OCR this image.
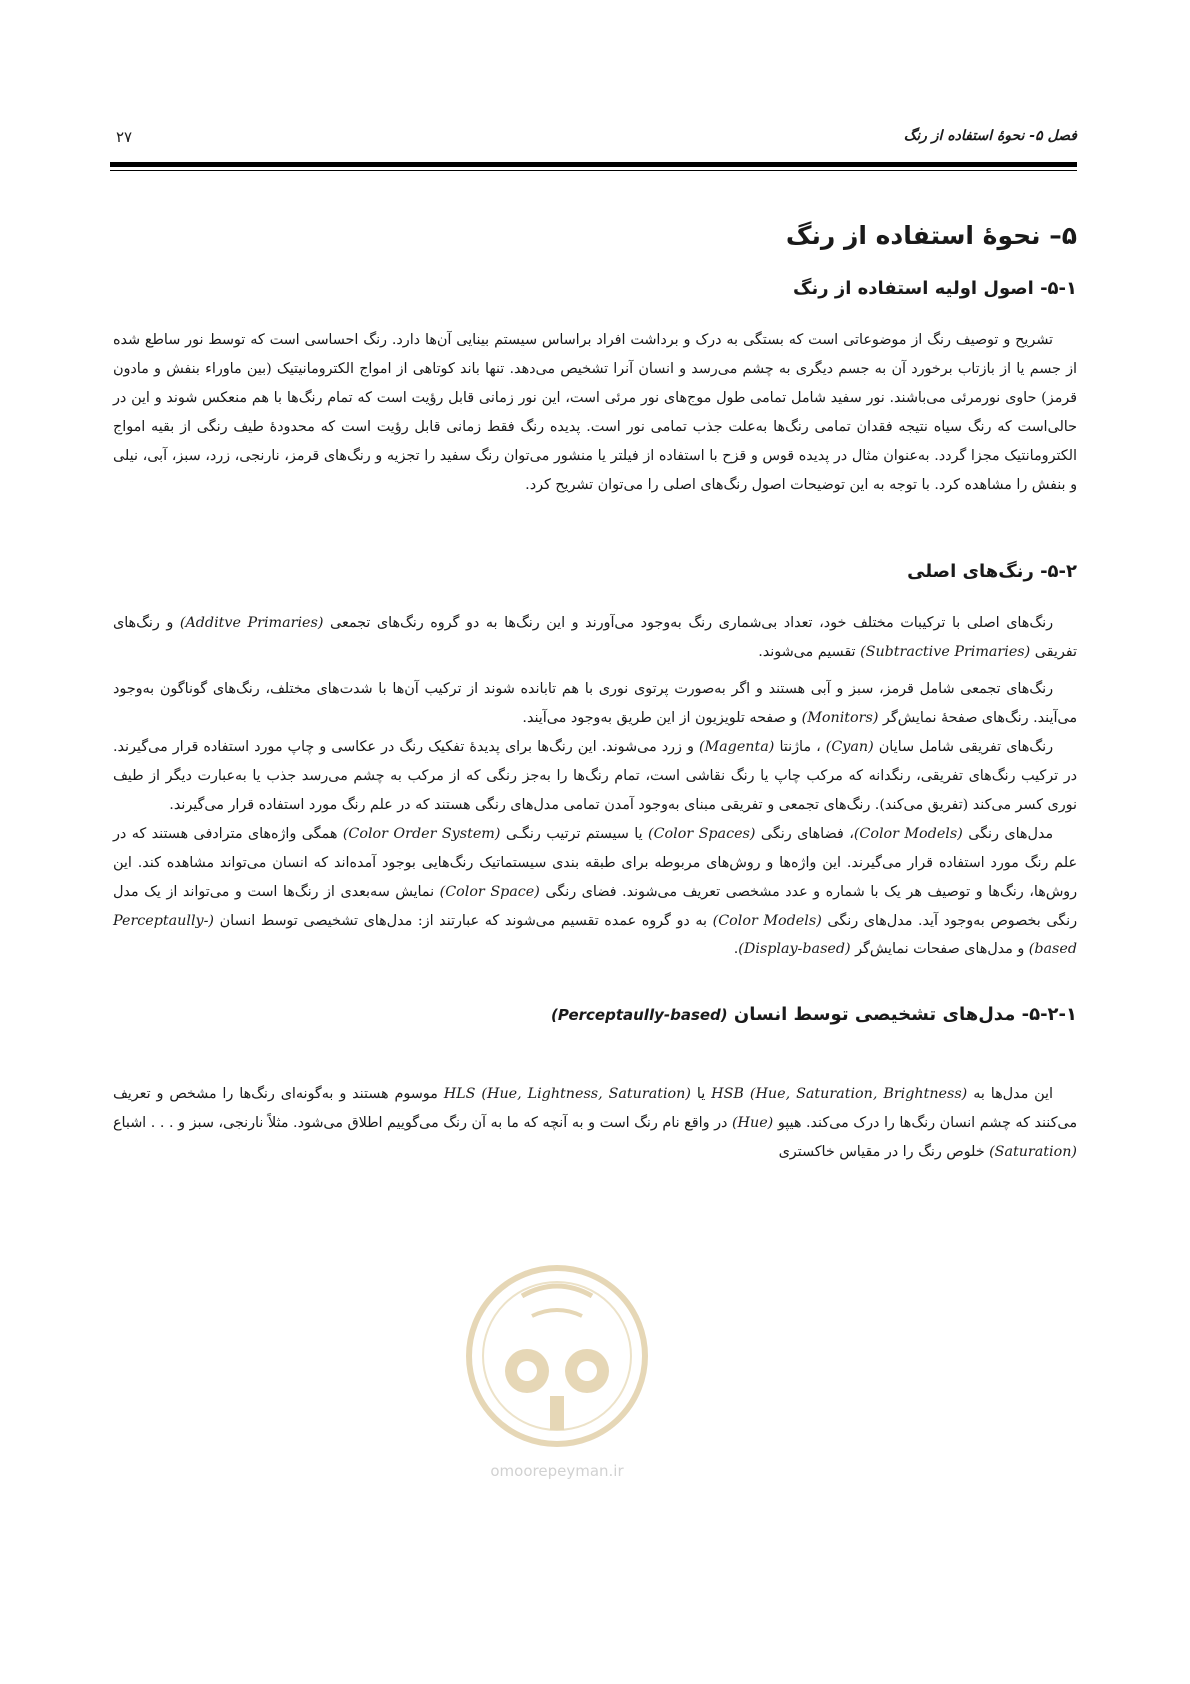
فصل ۵- نحوهٔ استفاده از رنگ
۲۷
۵– نحوهٔ استفاده از رنگ
۵-۱- اصول اولیه استفاده از رنگ

تشریح و توصیف رنگ از موضوعاتی است که بستگی به درک و برداشت افراد براساس سیستم بینایی آن‌ها دارد. رنگ احساسی است که توسط نور ساطع شده از جسم یا از بازتاب برخورد آن به جسم دیگری به چشم می‌رسد و انسان آنرا تشخیص می‌دهد. تنها باند کوتاهی از امواج الکترومانیتیک (بین ماوراء بنفش و مادون قرمز) حاوی نورمرئی می‌باشند. نور سفید شامل تمامی طول موج‌های نور مرئی است، این نور زمانی قابل رؤیت است که تمام رنگ‌ها با هم منعکس شوند و این در حالی‌است که رنگ سیاه نتیجه فقدان تمامی رنگ‌ها به‌علت جذب تمامی نور است. پدیده رنگ فقط زمانی قابل رؤیت است که محدودهٔ طیف رنگی از بقیه امواج الکترومانتیک مجزا گردد. به‌عنوان مثال در پدیده قوس و قزح با استفاده از فیلتر یا منشور می‌توان رنگ سفید را تجزیه و رنگ‌های قرمز، نارنجی، زرد، سبز، آبی، نیلی و بنفش را مشاهده کرد. با توجه به این توضیحات اصول رنگ‌های اصلی را می‌توان تشریح کرد.

۵-۲- رنگ‌های اصلی

رنگ‌های اصلی با ترکیبات مختلف خود، تعداد بی‌شماری رنگ به‌وجود می‌آورند و این رنگ‌ها به دو گروه رنگ‌های تجمعی (Additve Primaries) و رنگ‌های تفریقی (Subtractive Primaries) تقسیم می‌شوند.

رنگ‌های تجمعی شامل قرمز، سبز و آبی هستند و اگر به‌صورت پرتوی نوری با هم تابانده شوند از ترکیب آن‌ها با شدت‌های مختلف، رنگ‌های گوناگون به‌وجود می‌آیند. رنگ‌های صفحهٔ نمایش‌گر (Monitors) و صفحه تلویزیون از این طریق به‌وجود می‌آیند.

رنگ‌های تفریقی شامل سایان (Cyan) ، ماژنتا (Magenta) و زرد می‌شوند. این رنگ‌ها برای پدیدهٔ تفکیک رنگ در عکاسی و چاپ مورد استفاده قرار می‌گیرند. در ترکیب رنگ‌های تفریقی، رنگدانه که مرکب چاپ یا رنگ نقاشی است، تمام رنگ‌ها را به‌جز رنگی که از مرکب به چشم می‌رسد جذب یا به‌عبارت دیگر از طیف نوری کسر می‌کند (تفریق می‌کند). رنگ‌های تجمعی و تفریقی مبنای به‌وجود آمدن تمامی مدل‌های رنگی هستند که در علم رنگ مورد استفاده قرار می‌گیرند.

مدل‌های رنگی (Color Models)، فضاهای رنگی (Color Spaces) یا سیستم ترتیب رنگـی (Color Order System) همگی واژه‌های مترادفی هستند که در علم رنگ مورد استفاده قرار می‌گیرند. این واژه‌ها و روش‌های مربوطه برای طبقه بندی سیستماتیک رنگ‌هایی بوجود آمده‌اند که انسان می‌تواند مشاهده کند. این روش‌ها، رنگ‌ها و توصیف هر یک با شماره و عدد مشخصی تعریف می‌شوند. فضای رنگی (Color Space) نمایش سه‌بعدی از رنگ‌ها است و می‌تواند از یک مدل رنگی بخصوص به‌وجود آید. مدل‌های رنگی (Color Models) به دو گروه عمده تقسیم می‌شوند که عبارتند از: مدل‌های تشخیصی توسط انسان (Perceptaully-based) و مدل‌های صفحات نمایش‌گر (Display-based).

۵-۲-۱- مدل‌های تشخیصی توسط انسان (Perceptaully-based)

این مدل‌ها به HSB (Hue, Saturation, Brightness) یا HLS (Hue, Lightness, Saturation) موسوم هستند و به‌گونه‌ای رنگ‌ها را مشخص و تعریف می‌کنند که چشم انسان رنگ‌ها را درک می‌کند. هیپو (Hue) در واقع نام رنگ است و به آنچه که ما به آن رنگ می‌گوییم اطلاق می‌شود. مثلاً نارنجی، سبز و . . . اشباع (Saturation) خلوص رنگ را در مقیاس خاکستری

omoorepeyman.ir
